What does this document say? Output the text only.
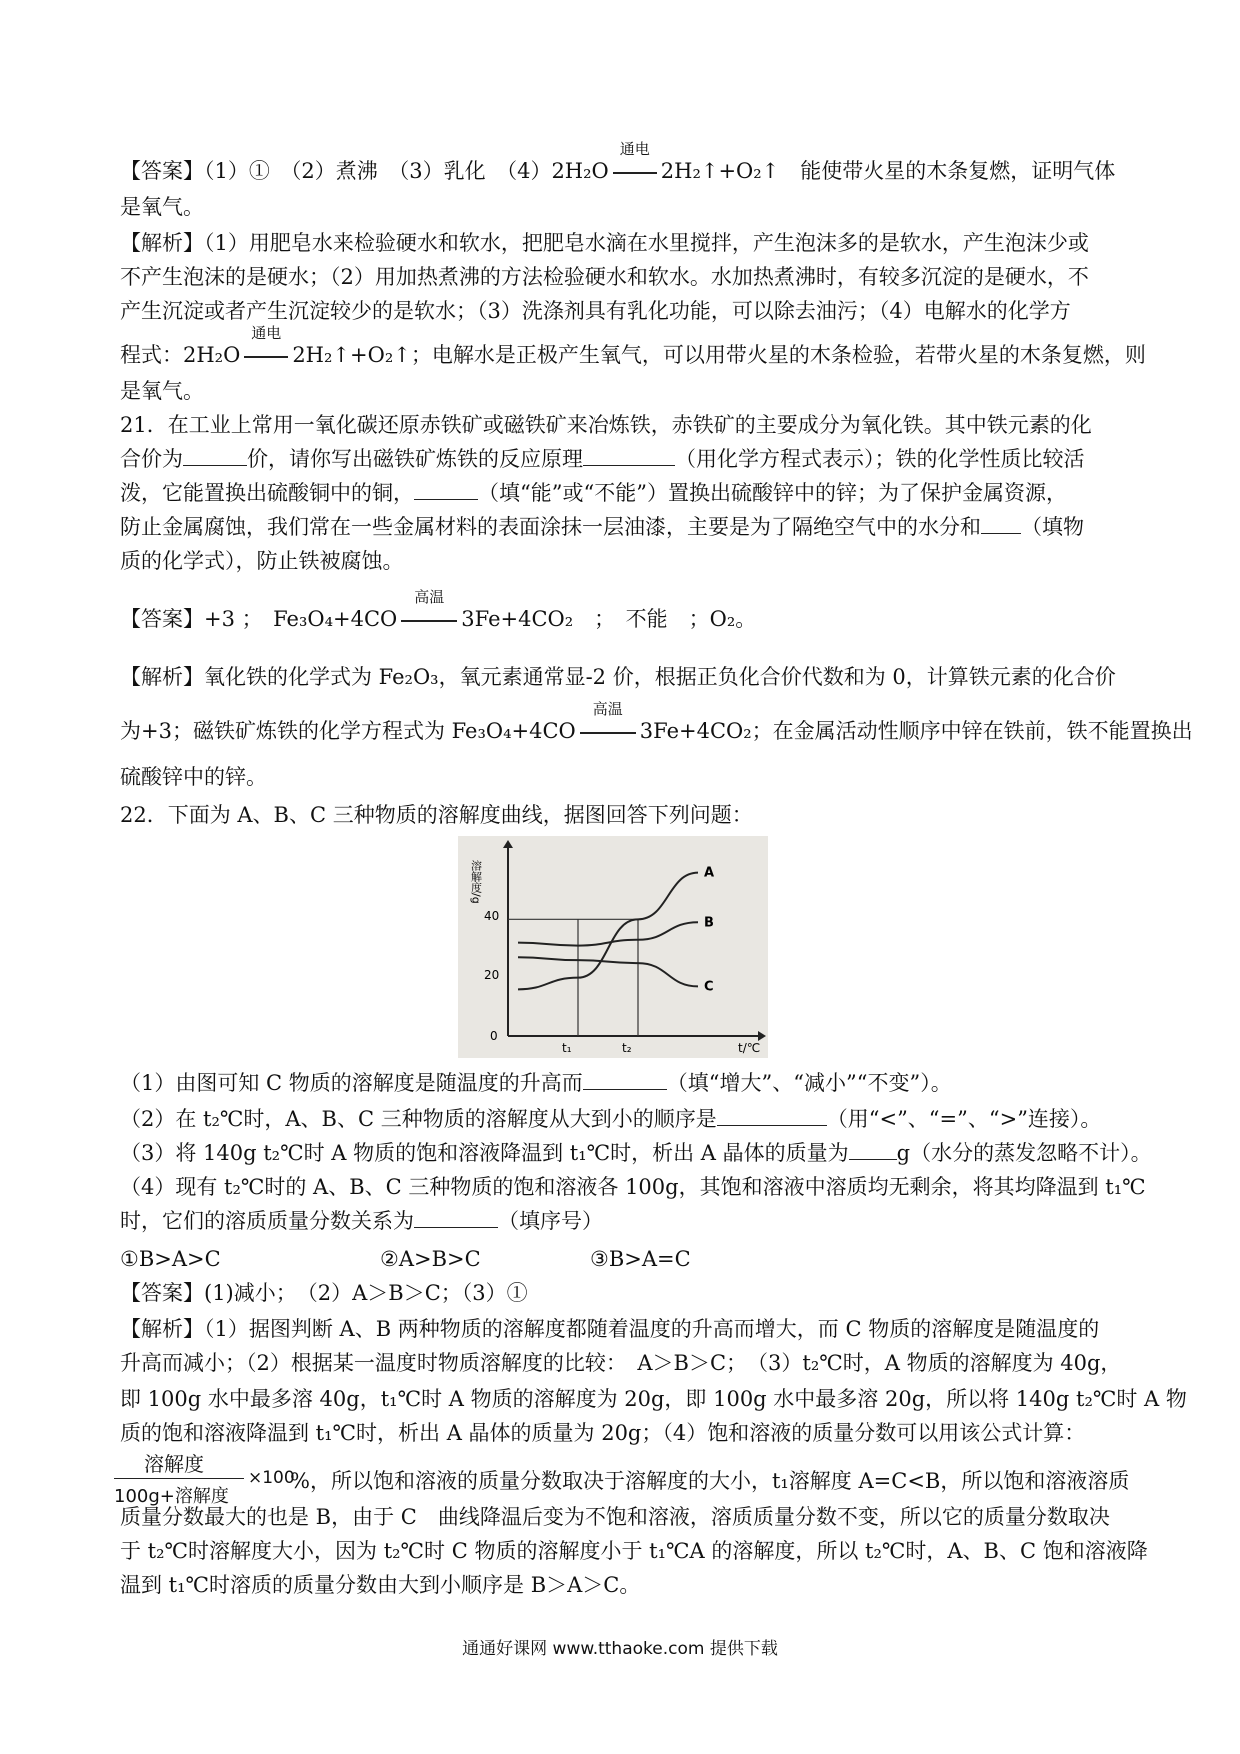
【答案】（1）①　（2）煮沸　（3）乳化　（4）2H₂O
通电
2H₂↑+O₂↑　能使带火星的木条复燃，证明气体
是氧气。
【解析】（1）用肥皂水来检验硬水和软水，把肥皂水滴在水里搅拌，产生泡沫多的是软水，产生泡沫少或
不产生泡沫的是硬水；（2）用加热煮沸的方法检验硬水和软水。水加热煮沸时，有较多沉淀的是硬水，不
产生沉淀或者产生沉淀较少的是软水；（3）洗涤剂具有乳化功能，可以除去油污；（4）电解水的化学方
程式：2H₂O
通电
2H₂↑+O₂↑；电解水是正极产生氧气，可以用带火星的木条检验，若带火星的木条复燃，则
是氧气。
21．在工业上常用一氧化碳还原赤铁矿或磁铁矿来冶炼铁，赤铁矿的主要成分为氧化铁。其中铁元素的化
合价为	价，请你写出磁铁矿炼铁的反应原理	（用化学方程式表示）；铁的化学性质比较活
泼，它能置换出硫酸铜中的铜，	（填“能”或“不能”）置换出硫酸锌中的锌；为了保护金属资源，
防止金属腐蚀，我们常在一些金属材料的表面涂抹一层油漆，主要是为了隔绝空气中的水分和 （填物
质的化学式），防止铁被腐蚀。
【答案】+3 ；　Fe₃O₄+4CO
高温
3Fe+4CO₂　；　不能　；O₂。
【解析】氧化铁的化学式为 Fe₂O₃，氧元素通常显-2 价，根据正负化合价代数和为 0，计算铁元素的化合价
为+3；磁铁矿炼铁的化学方程式为 Fe₃O₄+4CO
高温
3Fe+4CO₂；在金属活动性顺序中锌在铁前，铁不能置换出
硫酸锌中的锌。
22．下面为 A、B、C 三种物质的溶解度曲线，据图回答下列问题：
溶解度/g
t/℃
0
20
40
t₁	t₂
A
B
C
（1）由图可知 C 物质的溶解度是随温度的升高而	（填“增大”、“减小”“不变”）。
（2）在 t₂℃时，A、B、C 三种物质的溶解度从大到小的顺序是	（用“<”、“=”、“>”连接）。
（3）将 140g t₂℃时 A 物质的饱和溶液降温到 t₁℃时，析出 A 晶体的质量为 g（水分的蒸发忽略不计）。
（4）现有 t₂℃时的 A、B、C 三种物质的饱和溶液各 100g，其饱和溶液中溶质均无剩余，将其均降温到 t₁℃
时，它们的溶质质量分数关系为	（填序号）
①B>A>C	②A>B>C	③B>A=C
【答案】(1)减小；　（2）A＞B＞C；（3）①
【解析】（1）据图判断 A、B 两种物质的溶解度都随着温度的升高而增大，而 C 物质的溶解度是随温度的
升高而减小；（2）根据某一温度时物质溶解度的比较：　A＞B＞C；　（3）t₂℃时，A 物质的溶解度为 40g，
即 100g 水中最多溶 40g，t₁℃时 A 物质的溶解度为 20g，即 100g 水中最多溶 20g，所以将 140g t₂℃时 A 物
质的饱和溶液降温到 t₁℃时，析出 A 晶体的质量为 20g；（4）饱和溶液的质量分数可以用该公式计算：
溶解度
100g+溶解度
×100
%，所以饱和溶液的质量分数取决于溶解度的大小，t₁溶解度 A=C<B，所以饱和溶液溶质
质量分数最大的也是 B，由于 C　曲线降温后变为不饱和溶液，溶质质量分数不变，所以它的质量分数取决
于 t₂℃时溶解度大小，因为 t₂℃时 C 物质的溶解度小于 t₁℃A 的溶解度，所以 t₂℃时，A、B、C 饱和溶液降
温到 t₁℃时溶质的质量分数由大到小顺序是 B＞A＞C。
通通好课网 www.tthaoke.com 提供下载
